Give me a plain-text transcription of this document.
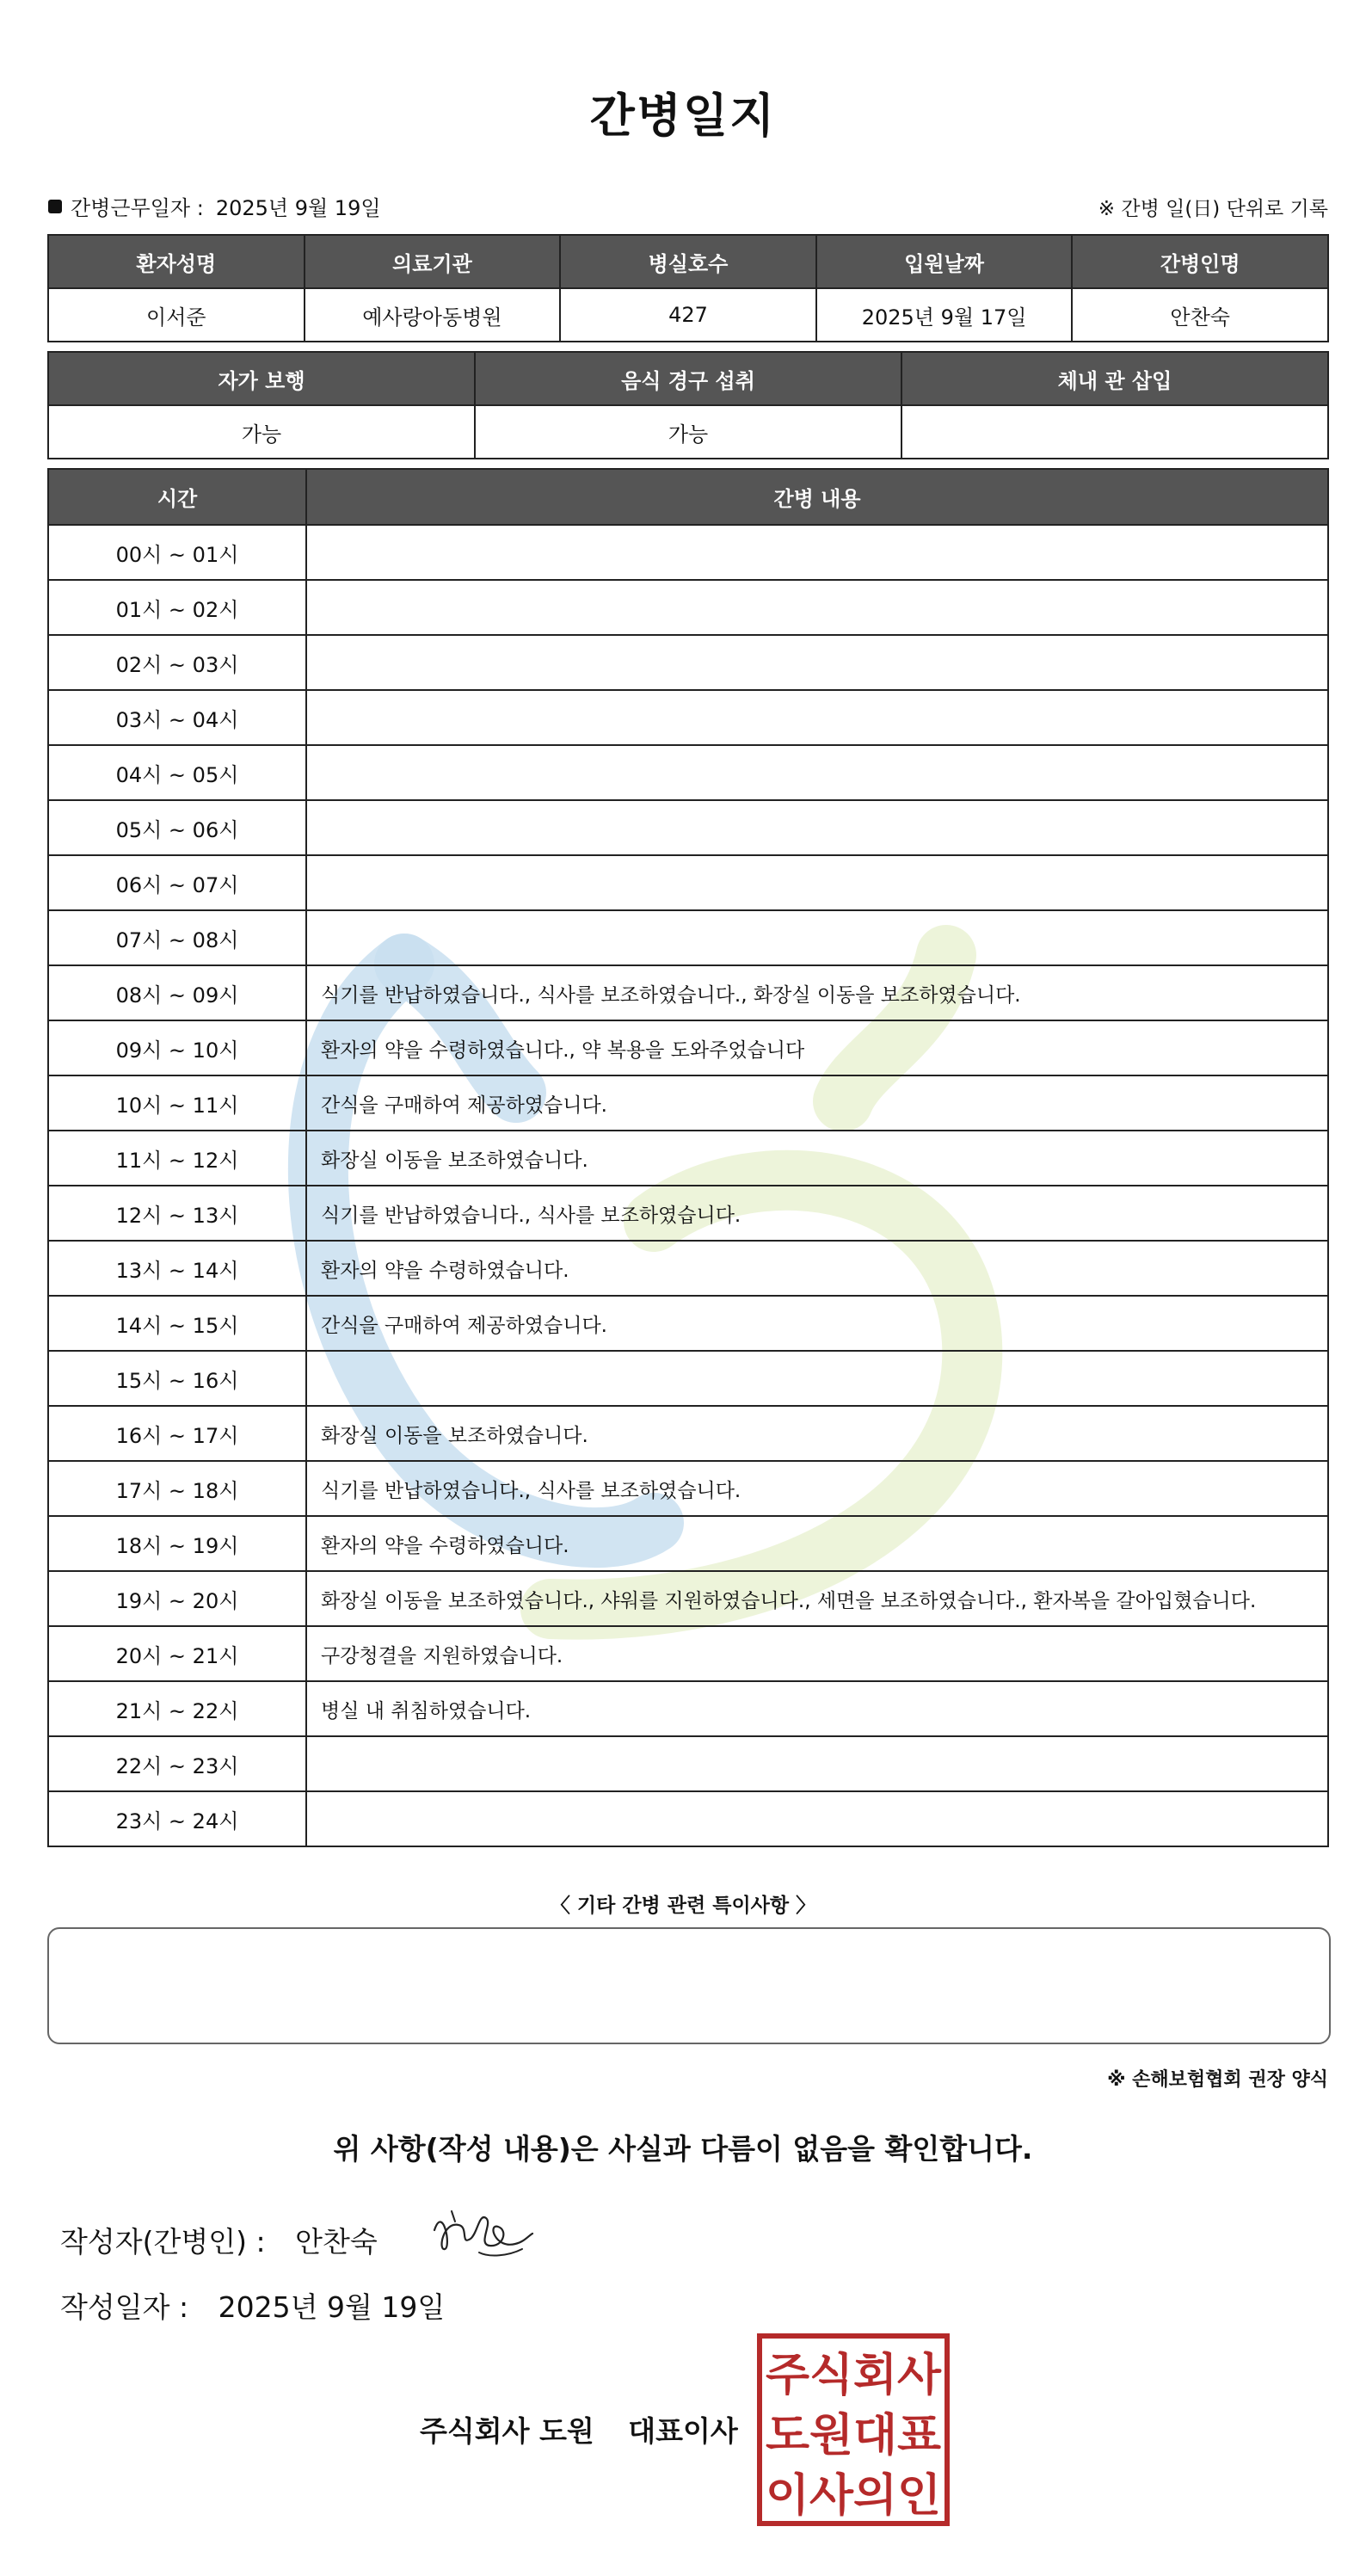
간병일지
간병근무일자 : 2025년 9월 19일	※ 간병 일(日) 단위로 기록
환자성명	의료기관	병실호수	입원날짜	간병인명
이서준	예사랑아동병원	427	2025년 9월 17일	안찬숙
자가 보행	음식 경구 섭취	체내 관 삽입
가능	가능	
시간	간병 내용
00시 ~ 01시	
01시 ~ 02시	
02시 ~ 03시	
03시 ~ 04시	
04시 ~ 05시	
05시 ~ 06시	
06시 ~ 07시	
07시 ~ 08시	
08시 ~ 09시	식기를 반납하였습니다., 식사를 보조하였습니다., 화장실 이동을 보조하였습니다.
09시 ~ 10시	환자의 약을 수령하였습니다., 약 복용을 도와주었습니다
10시 ~ 11시	간식을 구매하여 제공하였습니다.
11시 ~ 12시	화장실 이동을 보조하였습니다.
12시 ~ 13시	식기를 반납하였습니다., 식사를 보조하였습니다.
13시 ~ 14시	환자의 약을 수령하였습니다.
14시 ~ 15시	간식을 구매하여 제공하였습니다.
15시 ~ 16시	
16시 ~ 17시	화장실 이동을 보조하였습니다.
17시 ~ 18시	식기를 반납하였습니다., 식사를 보조하였습니다.
18시 ~ 19시	환자의 약을 수령하였습니다.
19시 ~ 20시	화장실 이동을 보조하였습니다., 샤워를 지원하였습니다., 세면을 보조하였습니다., 환자복을 갈아입혔습니다.
20시 ~ 21시	구강청결을 지원하였습니다.
21시 ~ 22시	병실 내 취침하였습니다.
22시 ~ 23시	
23시 ~ 24시	
〈 기타 간병 관련 특이사항 〉
※ 손해보험협회 권장 양식
위 사항(작성 내용)은 사실과 다름이 없음을 확인합니다.
작성자(간병인) : 안찬숙
작성일자 : 2025년 9월 19일
주식회사 도원 대표이사
주식회사
도원대표
이사의인
